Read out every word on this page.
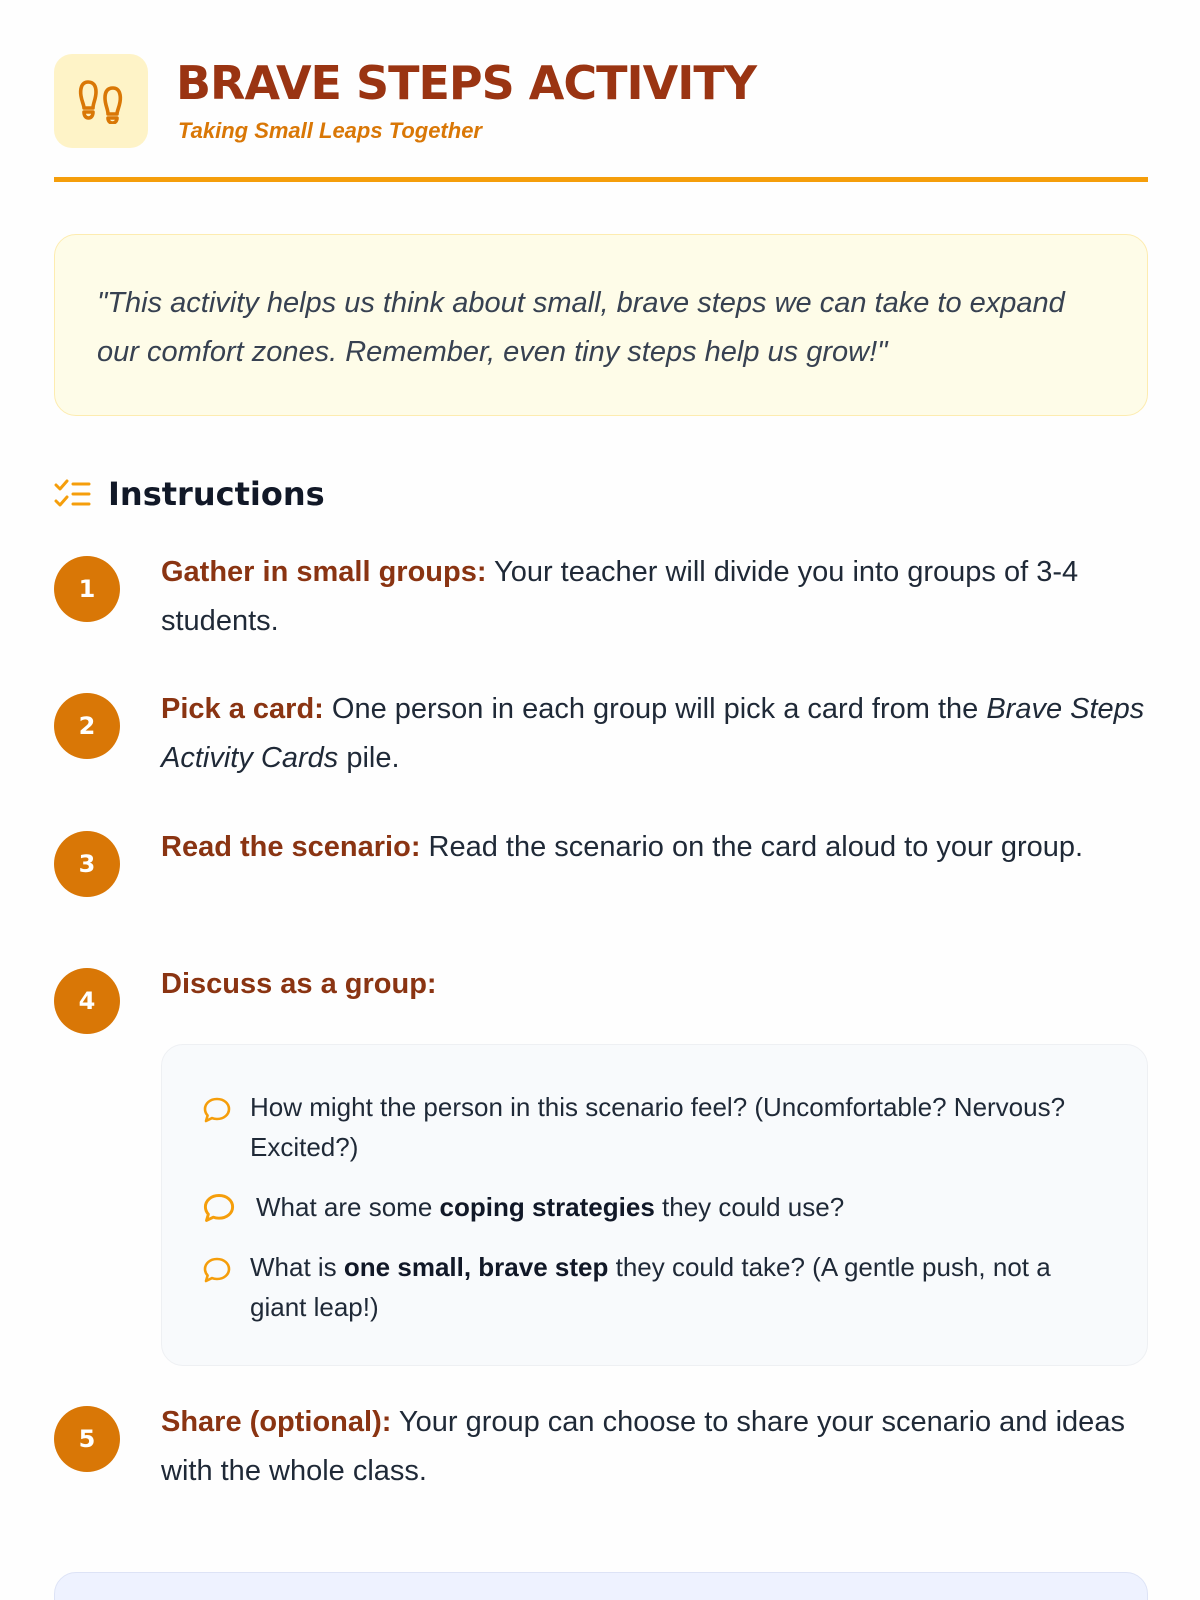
BRAVE STEPS ACTIVITY
Taking Small Leaps Together

"This activity helps us think about small, brave steps we can take to expand our comfort zones. Remember, even tiny steps help us grow!"

Instructions
1

Gather in small groups: Your teacher will divide you into groups of 3-4 students.

2

Pick a card: One person in each group will pick a card from the Brave Steps Activity Cards pile.

3

Read the scenario: Read the scenario on the card aloud to your group.

4

Discuss as a group:

How might the person in this scenario feel? (Uncomfortable? Nervous? Excited?)
What are some coping strategies they could use?
What is one small, brave step they could take? (A gentle push, not a giant leap!)
5

Share (optional): Your group can choose to share your scenario and ideas with the whole class.
